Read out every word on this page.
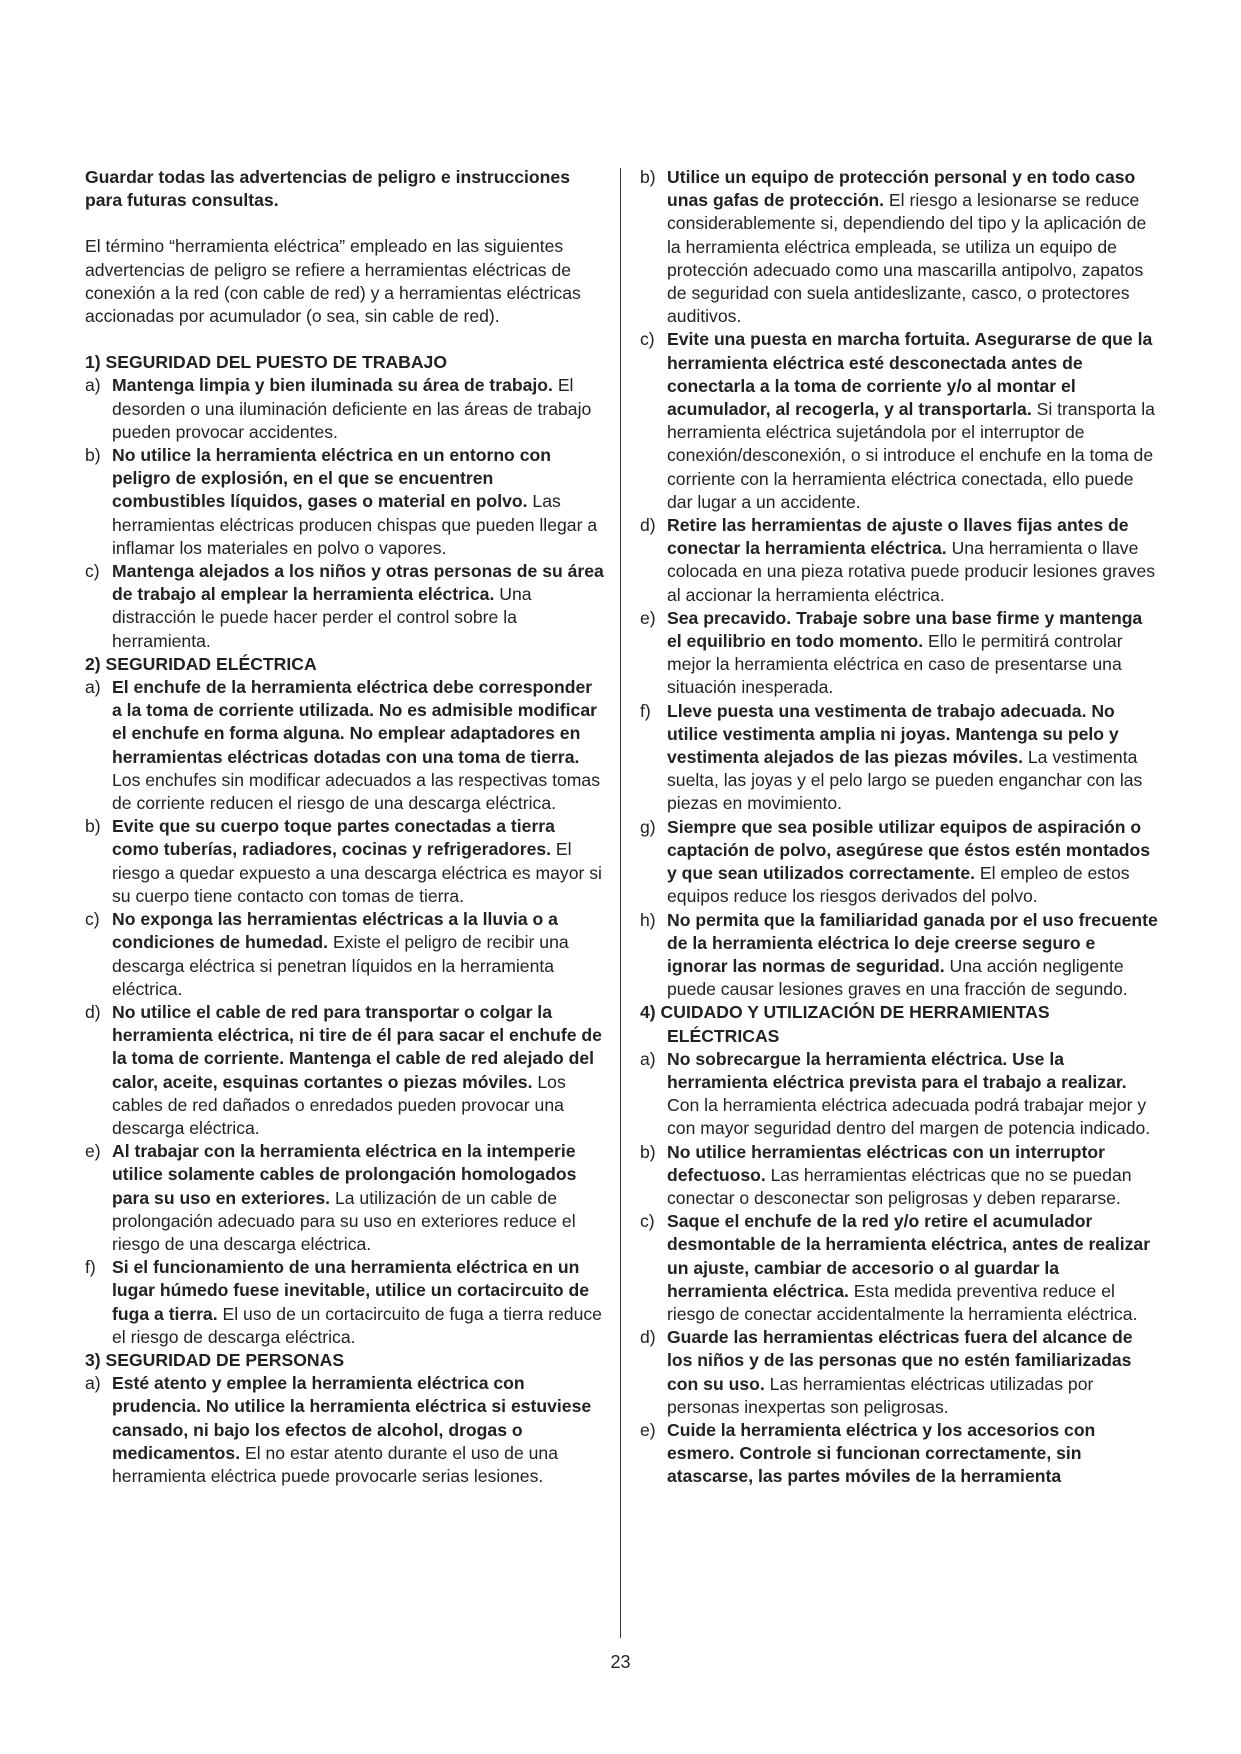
Guardar todas las advertencias de peligro e instrucciones para futuras consultas.

El término “herramienta eléctrica” empleado en las siguientes advertencias de peligro se refiere a herramientas eléctricas de conexión a la red (con cable de red) y a herramientas eléctricas accionadas por acumulador (o sea, sin cable de red).

1) SEGURIDAD DEL PUESTO DE TRABAJO

a) Mantenga limpia y bien iluminada su área de trabajo. El desorden o una iluminación deficiente en las áreas de trabajo pueden provocar accidentes.

b) No utilice la herramienta eléctrica en un entorno con peligro de explosión, en el que se encuentren combustibles líquidos, gases o material en polvo. Las herramientas eléctricas producen chispas que pueden llegar a inflamar los materiales en polvo o vapores.

c) Mantenga alejados a los niños y otras personas de su área de trabajo al emplear la herramienta eléctrica. Una distracción le puede hacer perder el control sobre la herramienta.

2) SEGURIDAD ELÉCTRICA

a) El enchufe de la herramienta eléctrica debe corresponder a la toma de corriente utilizada. No es admisible modificar el enchufe en forma alguna. No emplear adaptadores en herramientas eléctricas dotadas con una toma de tierra. Los enchufes sin modificar adecuados a las respectivas tomas de corriente reducen el riesgo de una descarga eléctrica.

b) Evite que su cuerpo toque partes conectadas a tierra como tuberías, radiadores, cocinas y refrigeradores. El riesgo a quedar expuesto a una descarga eléctrica es mayor si su cuerpo tiene contacto con tomas de tierra.

c) No exponga las herramientas eléctricas a la lluvia o a condiciones de humedad. Existe el peligro de recibir una descarga eléctrica si penetran líquidos en la herramienta eléctrica.

d) No utilice el cable de red para transportar o colgar la herramienta eléctrica, ni tire de él para sacar el enchufe de la toma de corriente. Mantenga el cable de red alejado del calor, aceite, esquinas cortantes o piezas móviles. Los cables de red dañados o enredados pueden provocar una descarga eléctrica.

e) Al trabajar con la herramienta eléctrica en la intemperie utilice solamente cables de prolongación homologados para su uso en exteriores. La utilización de un cable de prolongación adecuado para su uso en exteriores reduce el riesgo de una descarga eléctrica.

f) Si el funcionamiento de una herramienta eléctrica en un lugar húmedo fuese inevitable, utilice un cortacircuito de fuga a tierra. El uso de un cortacircuito de fuga a tierra reduce el riesgo de descarga eléctrica.

3) SEGURIDAD DE PERSONAS

a) Esté atento y emplee la herramienta eléctrica con prudencia. No utilice la herramienta eléctrica si estuviese cansado, ni bajo los efectos de alcohol, drogas o medicamentos. El no estar atento durante el uso de una herramienta eléctrica puede provocarle serias lesiones.

b) Utilice un equipo de protección personal y en todo caso unas gafas de protección. El riesgo a lesionarse se reduce considerablemente si, dependiendo del tipo y la aplicación de la herramienta eléctrica empleada, se utiliza un equipo de protección adecuado como una mascarilla antipolvo, zapatos de seguridad con suela antideslizante, casco, o protectores auditivos.

c) Evite una puesta en marcha fortuita. Asegurarse de que la herramienta eléctrica esté desconectada antes de conectarla a la toma de corriente y/o al montar el acumulador, al recogerla, y al transportarla. Si transporta la herramienta eléctrica sujetándola por el interruptor de conexión/desconexión, o si introduce el enchufe en la toma de corriente con la herramienta eléctrica conectada, ello puede dar lugar a un accidente.

d) Retire las herramientas de ajuste o llaves fijas antes de conectar la herramienta eléctrica. Una herramienta o llave colocada en una pieza rotativa puede producir lesiones graves al accionar la herramienta eléctrica.

e) Sea precavido. Trabaje sobre una base firme y mantenga el equilibrio en todo momento. Ello le permitirá controlar mejor la herramienta eléctrica en caso de presentarse una situación inesperada.

f) Lleve puesta una vestimenta de trabajo adecuada. No utilice vestimenta amplia ni joyas. Mantenga su pelo y vestimenta alejados de las piezas móviles. La vestimenta suelta, las joyas y el pelo largo se pueden enganchar con las piezas en movimiento.

g) Siempre que sea posible utilizar equipos de aspiración o captación de polvo, asegúrese que éstos estén montados y que sean utilizados correctamente. El empleo de estos equipos reduce los riesgos derivados del polvo.

h) No permita que la familiaridad ganada por el uso frecuente de la herramienta eléctrica lo deje creerse seguro e ignorar las normas de seguridad. Una acción negligente puede causar lesiones graves en una fracción de segundo.

4) CUIDADO Y UTILIZACIÓN DE HERRAMIENTAS ELÉCTRICAS

a) No sobrecargue la herramienta eléctrica. Use la herramienta eléctrica prevista para el trabajo a realizar. Con la herramienta eléctrica adecuada podrá trabajar mejor y con mayor seguridad dentro del margen de potencia indicado.

b) No utilice herramientas eléctricas con un interruptor defectuoso. Las herramientas eléctricas que no se puedan conectar o desconectar son peligrosas y deben repararse.

c) Saque el enchufe de la red y/o retire el acumulador desmontable de la herramienta eléctrica, antes de realizar un ajuste, cambiar de accesorio o al guardar la herramienta eléctrica. Esta medida preventiva reduce el riesgo de conectar accidentalmente la herramienta eléctrica.

d) Guarde las herramientas eléctricas fuera del alcance de los niños y de las personas que no estén familiarizadas con su uso. Las herramientas eléctricas utilizadas por personas inexpertas son peligrosas.

e) Cuide la herramienta eléctrica y los accesorios con esmero. Controle si funcionan correctamente, sin atascarse, las partes móviles de la herramienta

23
